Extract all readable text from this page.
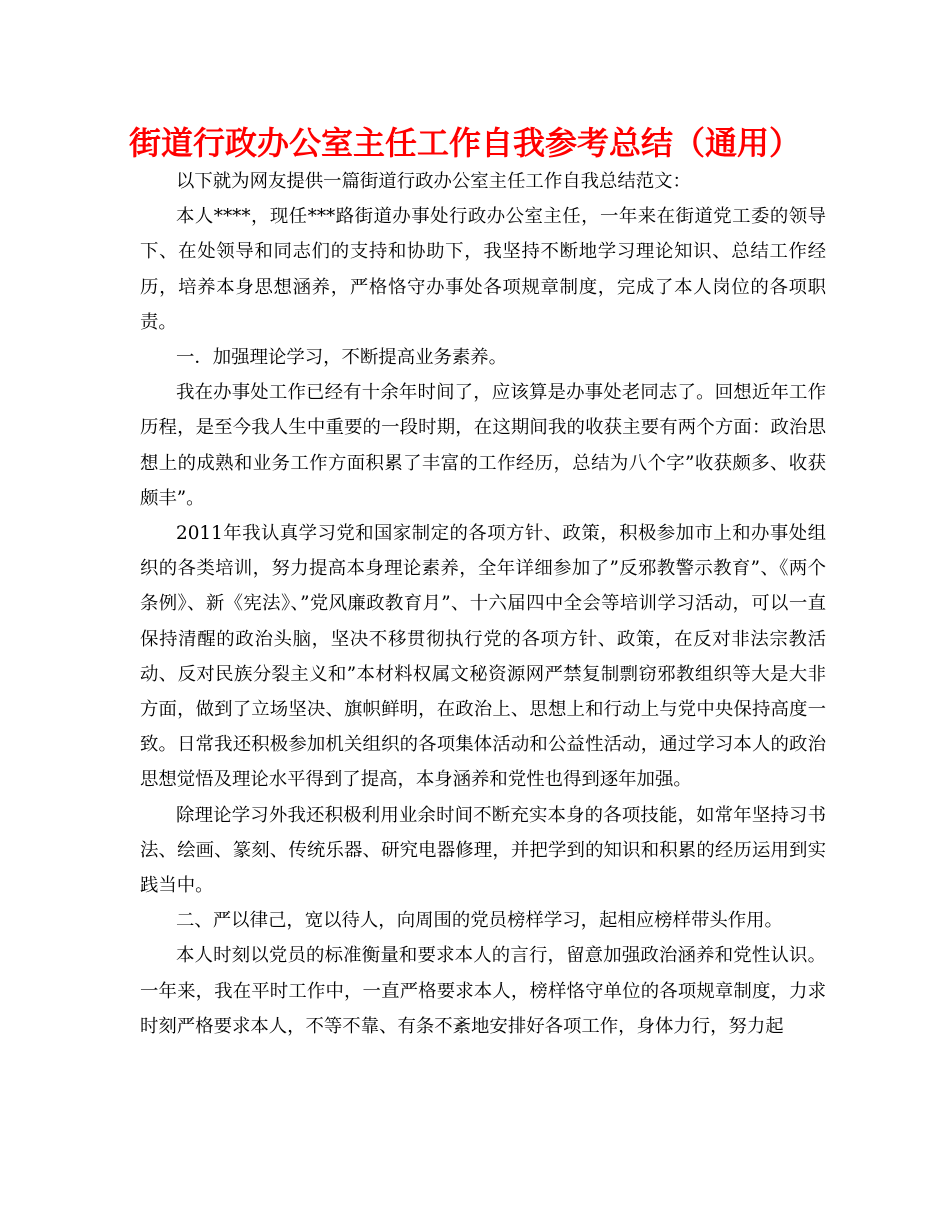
街道行政办公室主任工作自我参考总结（通用）

以下就为网友提供一篇街道行政办公室主任工作自我总结范文：

本人****，现任***路街道办事处行政办公室主任，一年来在街道党工委的领导下、在处领导和同志们的支持和协助下，我坚持不断地学习理论知识、总结工作经历，培养本身思想涵养，严格恪守办事处各项规章制度，完成了本人岗位的各项职责。

一．加强理论学习，不断提高业务素养。

我在办事处工作已经有十余年时间了，应该算是办事处老同志了。回想近年工作历程，是至今我人生中重要的一段时期，在这期间我的收获主要有两个方面：政治思想上的成熟和业务工作方面积累了丰富的工作经历，总结为八个字”收获颇多、收获颇丰”。

2011年我认真学习党和国家制定的各项方针、政策，积极参加市上和办事处组织的各类培训，努力提高本身理论素养，全年详细参加了”反邪教警示教育”、《两个条例》、新《宪法》、”党风廉政教育月”、十六届四中全会等培训学习活动，可以一直保持清醒的政治头脑，坚决不移贯彻执行党的各项方针、政策，在反对非法宗教活动、反对民族分裂主义和”本材料权属文秘资源网严禁复制剽窃邪教组织等大是大非方面，做到了立场坚决、旗帜鲜明，在政治上、思想上和行动上与党中央保持高度一致。日常我还积极参加机关组织的各项集体活动和公益性活动，通过学习本人的政治思想觉悟及理论水平得到了提高，本身涵养和党性也得到逐年加强。

除理论学习外我还积极利用业余时间不断充实本身的各项技能，如常年坚持习书法、绘画、篆刻、传统乐器、研究电器修理，并把学到的知识和积累的经历运用到实践当中。

二、严以律己，宽以待人，向周围的党员榜样学习，起相应榜样带头作用。

本人时刻以党员的标准衡量和要求本人的言行，留意加强政治涵养和党性认识。一年来，我在平时工作中，一直严格要求本人，榜样恪守单位的各项规章制度，力求时刻严格要求本人，不等不靠、有条不紊地安排好各项工作，身体力行，努力起
